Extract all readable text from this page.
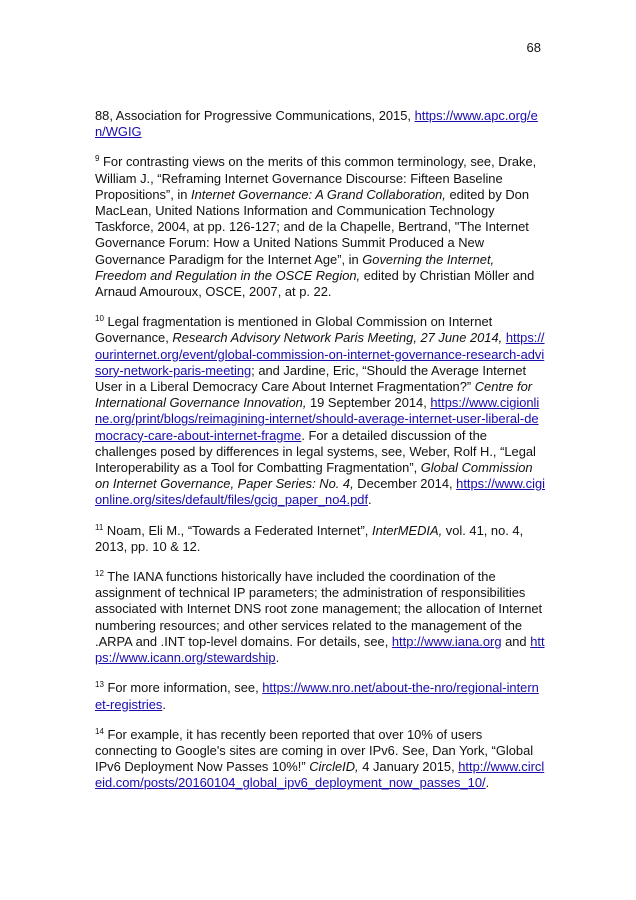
68

88, Association for Progressive Communications, 2015, https://www.apc.org/en/WGIG

$^9$ For contrasting views on the merits of this common terminology, see, Drake, William J., “Reframing Internet Governance Discourse: Fifteen Baseline Propositions”, in Internet Governance: A Grand Collaboration, edited by Don MacLean, United Nations Information and Communication Technology Taskforce, 2004, at pp. 126-127; and de la Chapelle, Bertrand, "The Internet Governance Forum: How a United Nations Summit Produced a New Governance Paradigm for the Internet Age”, in Governing the Internet, Freedom and Regulation in the OSCE Region, edited by Christian Möller and Arnaud Amouroux, OSCE, 2007, at p. 22.

$^{10}$ Legal fragmentation is mentioned in Global Commission on Internet Governance, Research Advisory Network Paris Meeting, 27 June 2014, https://ourinternet.org/event/global-commission-on-internet-governance-research-advisory-network-paris-meeting; and Jardine, Eric, “Should the Average Internet User in a Liberal Democracy Care About Internet Fragmentation?” Centre for International Governance Innovation, 19 September 2014, https://www.cigionline.org/print/blogs/reimagining-internet/should-average-internet-user-liberal-democracy-care-about-internet-fragme. For a detailed discussion of the challenges posed by differences in legal systems, see, Weber, Rolf H., “Legal Interoperability as a Tool for Combatting Fragmentation”, Global Commission on Internet Governance, Paper Series: No. 4, December 2014, https://www.cigionline.org/sites/default/files/gcig_paper_no4.pdf.

$^{11}$ Noam, Eli M., “Towards a Federated Internet”, InterMEDIA, vol. 41, no. 4, 2013, pp. 10 & 12.

$^{12}$ The IANA functions historically have included the coordination of the assignment of technical IP parameters; the administration of responsibilities associated with Internet DNS root zone management; the allocation of Internet numbering resources; and other services related to the management of the .ARPA and .INT top-level domains. For details, see, http://www.iana.org and https://www.icann.org/stewardship.

$^{13}$ For more information, see, https://www.nro.net/about-the-nro/regional-internet-registries.

$^{14}$ For example, it has recently been reported that over 10% of users connecting to Google's sites are coming in over IPv6. See, Dan York, “Global IPv6 Deployment Now Passes 10%!” CircleID, 4 January 2015, http://www.circleid.com/posts/20160104_global_ipv6_deployment_now_passes_10/.
